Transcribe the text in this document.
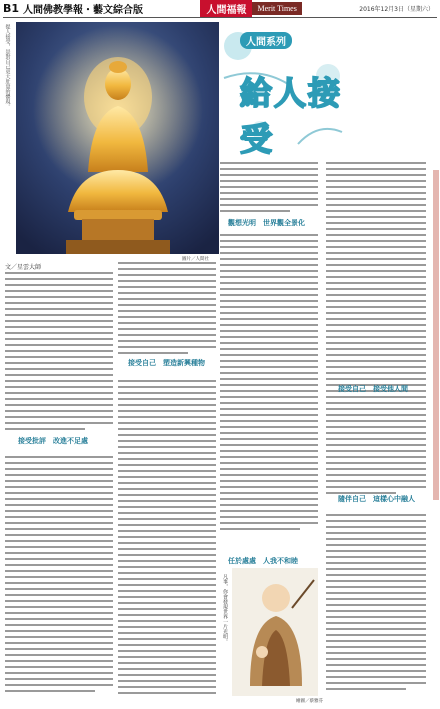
B1 人間佛教學報・藝文綜合版	人間福報	Merit Times	2016年12月3日（星期六）
提人接受，是對自己更大肚量的體現。
圖片／人間社
人間系列
給人接受
文／星雲大師
接受批評　改進不足處
接受自己　塑造新興種物
觀想光明　世界觀全景化
任於處處　人我不和睦
接受自己　接受他人間
隨伴自己　這樣心中融人
凡事，你會發現世界一片光明。
繪圖／蔡雅芬
